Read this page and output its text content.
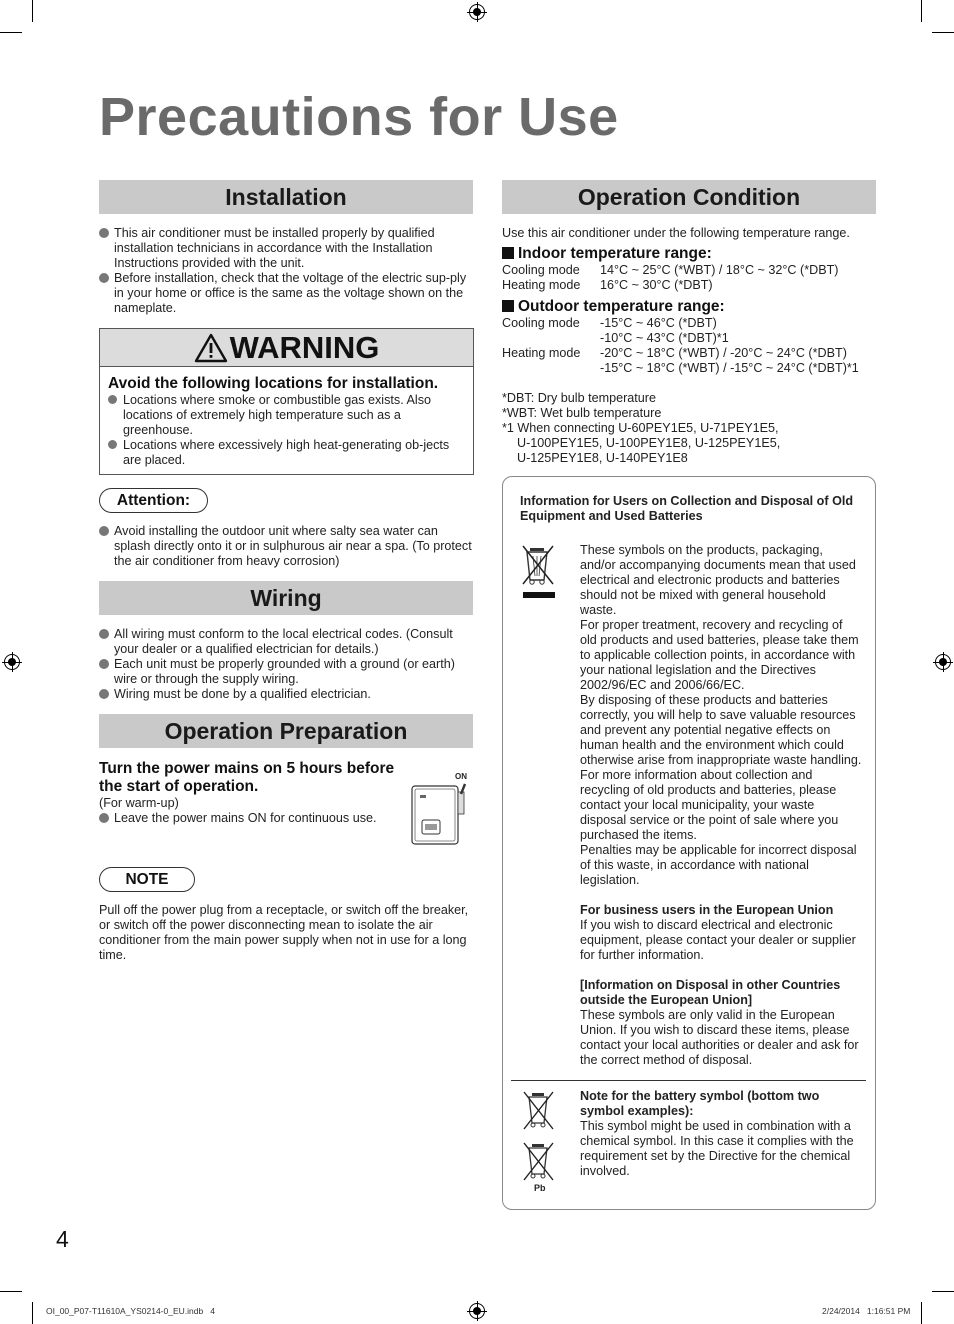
Precautions for Use
Installation
This air conditioner must be installed properly by qualified installation technicians in accordance with the Installation Instructions provided with the unit.
Before installation, check that the voltage of the electric sup-ply in your home or office is the same as the voltage shown on the nameplate.
WARNING
Avoid the following locations for installation.
Locations where smoke or combustible gas exists. Also locations of extremely high temperature such as a greenhouse.
Locations where excessively high heat-generating ob-jects are placed.
Attention:
Avoid installing the outdoor unit where salty sea water can splash directly onto it or in sulphurous air near a spa. (To protect the air conditioner from heavy corrosion)
Wiring
All wiring must conform to the local electrical codes. (Consult your dealer or a qualified electrician for details.)
Each unit must be properly grounded with a ground (or earth) wire or through the supply wiring.
Wiring must be done by a qualified electrician.
Operation Preparation
Turn the power mains on 5 hours before the start of operation.
(For warm-up)
Leave the power mains ON for continuous use.
ON
NOTE
Pull off the power plug from a receptacle, or switch off the breaker, or switch off the power disconnecting mean to isolate the air conditioner from the main power supply when not in use for a long time.
Operation Condition
Use this air conditioner under the following temperature range.
Indoor temperature range:
Cooling mode	14°C ~ 25°C (*WBT) / 18°C ~ 32°C (*DBT)
Heating mode	16°C ~ 30°C (*DBT)
Outdoor temperature range:
Cooling mode	-15°C ~ 46°C (*DBT)
-10°C ~ 43°C (*DBT)*1
Heating mode	-20°C ~ 18°C (*WBT) / -20°C ~ 24°C (*DBT)
-15°C ~ 18°C (*WBT) / -15°C ~ 24°C (*DBT)*1
*DBT: Dry bulb temperature
*WBT: Wet bulb temperature
*1 When connecting U-60PEY1E5, U-71PEY1E5,
U-100PEY1E5, U-100PEY1E8, U-125PEY1E5,
U-125PEY1E8, U-140PEY1E8
Information for Users on Collection and Disposal of Old Equipment and Used Batteries
These symbols on the products, packaging, and/or accompanying documents mean that used electrical and electronic products and batteries should not be mixed with general household waste.
For proper treatment, recovery and recycling of old products and used batteries, please take them to applicable collection points, in accordance with your national legislation and the Directives 2002/96/EC and 2006/66/EC.
By disposing of these products and batteries correctly, you will help to save valuable resources and prevent any potential negative effects on human health and the environment which could otherwise arise from inappropriate waste handling.
For more information about collection and recycling of old products and batteries, please contact your local municipality, your waste disposal service or the point of sale where you purchased the items.
Penalties may be applicable for incorrect disposal of this waste, in accordance with national legislation.
For business users in the European Union
If you wish to discard electrical and electronic equipment, please contact your dealer or supplier for further information.
[Information on Disposal in other Countries outside the European Union]
These symbols are only valid in the European Union. If you wish to discard these items, please contact your local authorities or dealer and ask for the correct method of disposal.
Pb
Note for the battery symbol (bottom two symbol examples):
This symbol might be used in combination with a chemical symbol. In this case it complies with the requirement set by the Directive for the chemical involved.
4
OI_00_P07-T11610A_YS0214-0_EU.indb   4	2/24/2014   1:16:51 PM
